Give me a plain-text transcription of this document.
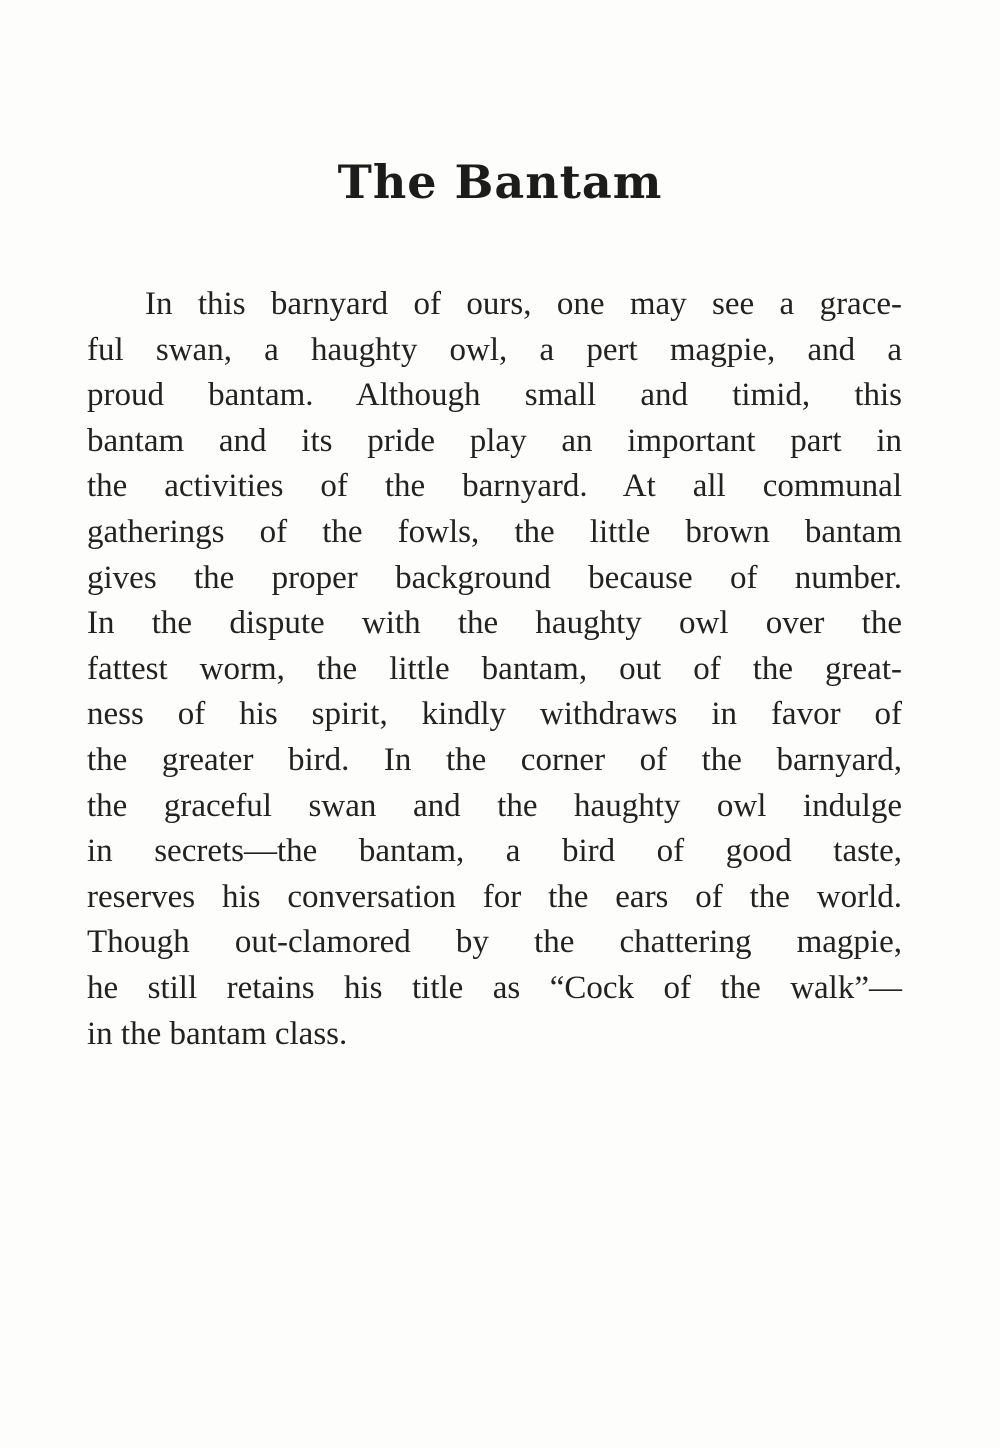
The Bantam

In this barnyard of ours, one may see a grace-
ful swan, a haughty owl, a pert magpie, and a
proud bantam. Although small and timid, this
bantam and its pride play an important part in
the activities of the barnyard. At all communal
gatherings of the fowls, the little brown bantam
gives the proper background because of number.
In the dispute with the haughty owl over the
fattest worm, the little bantam, out of the great-
ness of his spirit, kindly withdraws in favor of
the greater bird. In the corner of the barnyard,
the graceful swan and the haughty owl indulge
in secrets—the bantam, a bird of good taste,
reserves his conversation for the ears of the world.
Though out-clamored by the chattering magpie,
he still retains his title as “Cock of the walk”—
in the bantam class.
